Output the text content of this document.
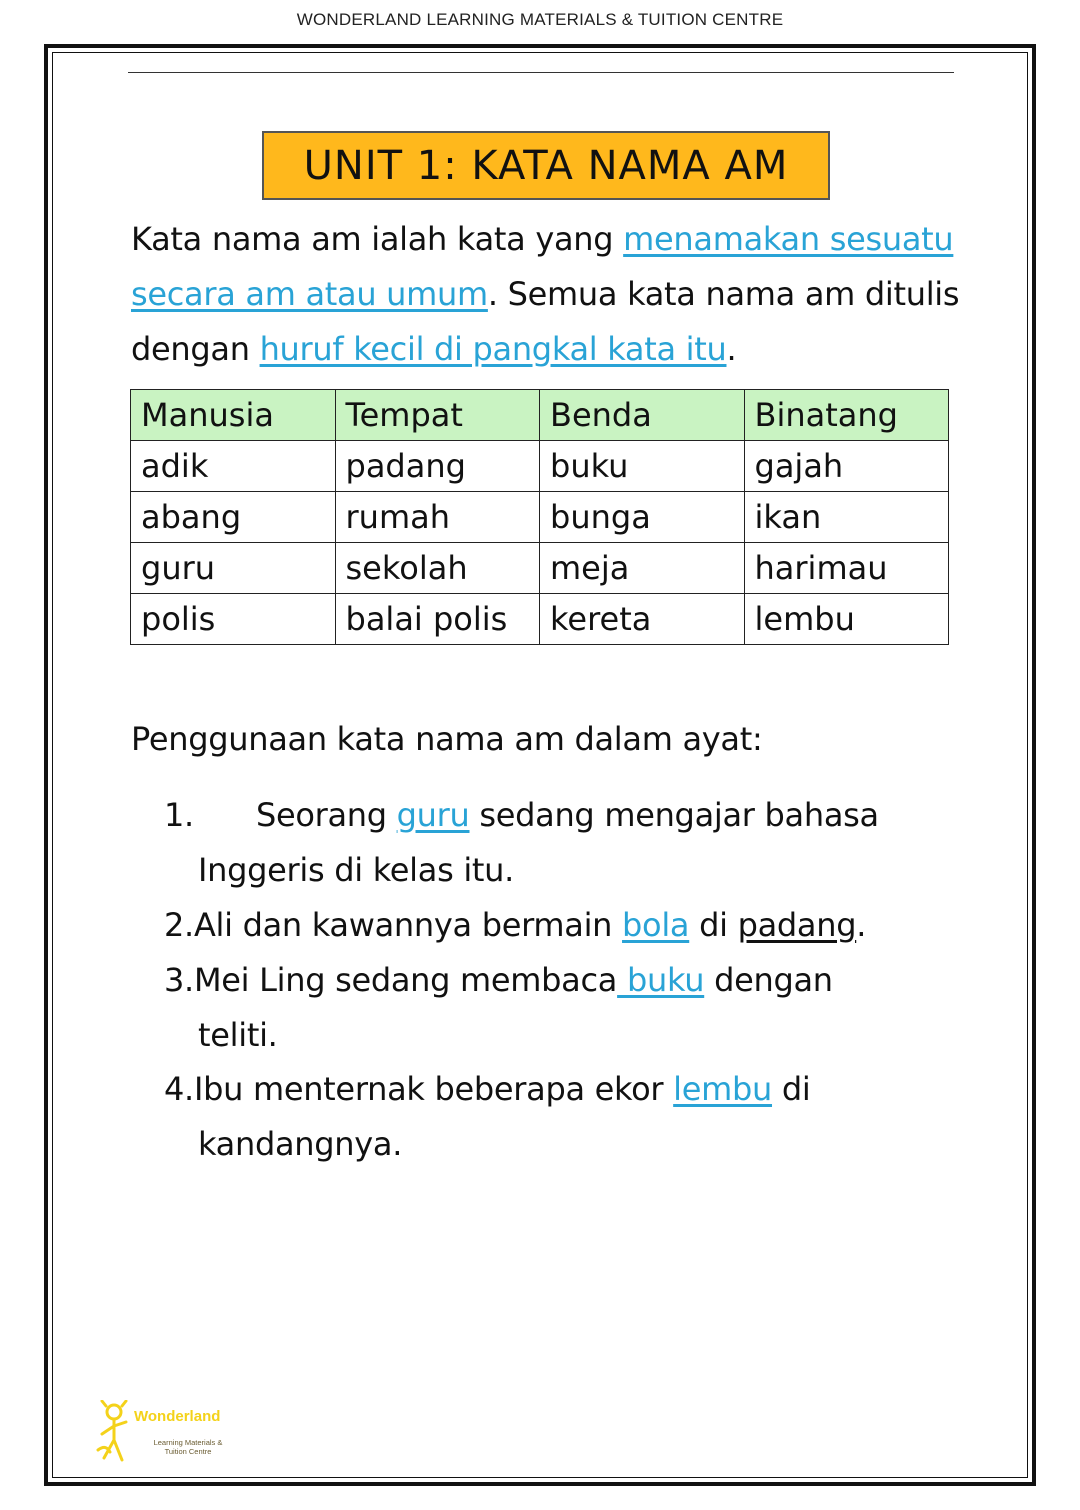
WONDERLAND LEARNING MATERIALS & TUITION CENTRE
UNIT 1: KATA NAMA AM
Kata nama am ialah kata yang menamakan sesuatu secara am atau umum. Semua kata nama am ditulis dengan huruf kecil di pangkal kata itu.
Manusia	Tempat	Benda	Binatang
adik	padang	buku	gajah
abang	rumah	bunga	ikan
guru	sekolah	meja	harimau
polis	balai polis	kereta	lembu
Penggunaan kata nama am dalam ayat:
1. Seorang guru sedang mengajar bahasa
Inggeris di kelas itu.
2.Ali dan kawannya bermain bola di padang.
3.Mei Ling sedang membaca buku dengan
teliti.
4.Ibu menternak beberapa ekor lembu di
kandangnya.
Wonderland
Learning Materials &
Tuition Centre
